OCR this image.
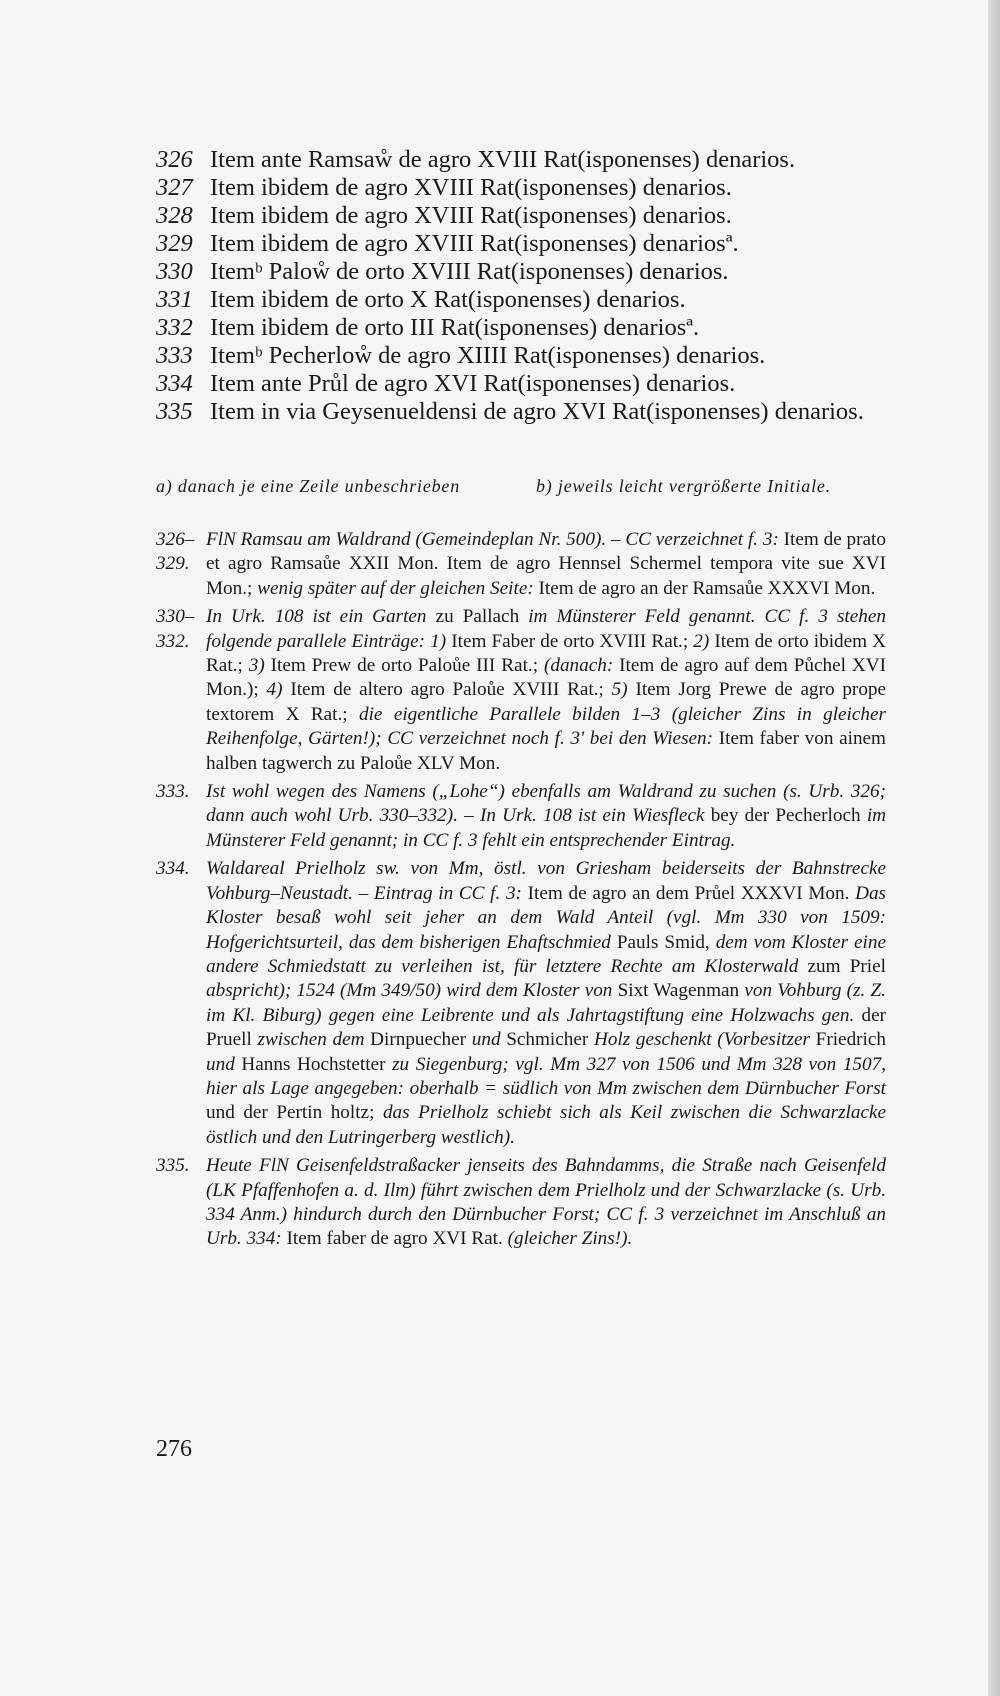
326 Item ante Ramsaẘ de agro XVIII Rat(isponenses) denarios.
327 Item ibidem de agro XVIII Rat(isponenses) denarios.
328 Item ibidem de agro XVIII Rat(isponenses) denarios.
329 Item ibidem de agro XVIII Rat(isponenses) denariosª.
330 Itemᵇ Paloẘ de orto XVIII Rat(isponenses) denarios.
331 Item ibidem de orto X Rat(isponenses) denarios.
332 Item ibidem de orto III Rat(isponenses) denariosª.
333 Itemᵇ Pecherloẘ de agro XIIII Rat(isponenses) denarios.
334 Item ante Průl de agro XVI Rat(isponenses) denarios.
335 Item in via Geysenueldensi de agro XVI Rat(isponenses) denarios.
a) danach je eine Zeile unbeschrieben	b) jeweils leicht vergrößerte Initiale.
326–329.
FlN Ramsau am Waldrand (Gemeindeplan Nr. 500). – CC verzeichnet f. 3: Item de prato et agro Ramsaůe XXII Mon. Item de agro Hennsel Schermel tempora vite sue XVI Mon.; wenig später auf der gleichen Seite: Item de agro an der Ramsaůe XXXVI Mon.
330–332.
In Urk. 108 ist ein Garten zu Pallach im Münsterer Feld genannt. CC f. 3 stehen folgende parallele Einträge: 1) Item Faber de orto XVIII Rat.; 2) Item de orto ibidem X Rat.; 3) Item Prew de orto Paloůe III Rat.; (danach: Item de agro auf dem Půchel XVI Mon.); 4) Item de altero agro Paloůe XVIII Rat.; 5) Item Jorg Prewe de agro prope textorem X Rat.; die eigentliche Parallele bilden 1–3 (gleicher Zins in gleicher Reihenfolge, Gärten!); CC verzeichnet noch f. 3' bei den Wiesen: Item faber von ainem halben tagwerch zu Paloůe XLV Mon.
333. Ist wohl wegen des Namens („Lohe“) ebenfalls am Waldrand zu suchen (s. Urb. 326; dann auch wohl Urb. 330–332). – In Urk. 108 ist ein Wiesfleck bey der Pecherloch im Münsterer Feld genannt; in CC f. 3 fehlt ein entsprechender Eintrag.
334. Waldareal Prielholz sw. von Mm, östl. von Griesham beiderseits der Bahnstrecke Vohburg–Neustadt. – Eintrag in CC f. 3: Item de agro an dem Průel XXXVI Mon. Das Kloster besaß wohl seit jeher an dem Wald Anteil (vgl. Mm 330 von 1509: Hofgerichtsurteil, das dem bisherigen Ehaftschmied Pauls Smid, dem vom Kloster eine andere Schmiedstatt zu verleihen ist, für letztere Rechte am Klosterwald zum Priel abspricht); 1524 (Mm 349/50) wird dem Kloster von Sixt Wagenman von Vohburg (z. Z. im Kl. Biburg) gegen eine Leibrente und als Jahrtagstiftung eine Holzwachs gen. der Pruell zwischen dem Dirnpuecher und Schmicher Holz geschenkt (Vorbesitzer Friedrich und Hanns Hochstetter zu Siegenburg; vgl. Mm 327 von 1506 und Mm 328 von 1507, hier als Lage angegeben: oberhalb = südlich von Mm zwischen dem Dürnbucher Forst und der Pertin holtz; das Prielholz schiebt sich als Keil zwischen die Schwarzlacke östlich und den Lutringerberg westlich).
335. Heute FlN Geisenfeldstraßacker jenseits des Bahndamms, die Straße nach Geisenfeld (LK Pfaffenhofen a. d. Ilm) führt zwischen dem Prielholz und der Schwarzlacke (s. Urb. 334 Anm.) hindurch durch den Dürnbucher Forst; CC f. 3 verzeichnet im Anschluß an Urb. 334: Item faber de agro XVI Rat. (gleicher Zins!).
276
